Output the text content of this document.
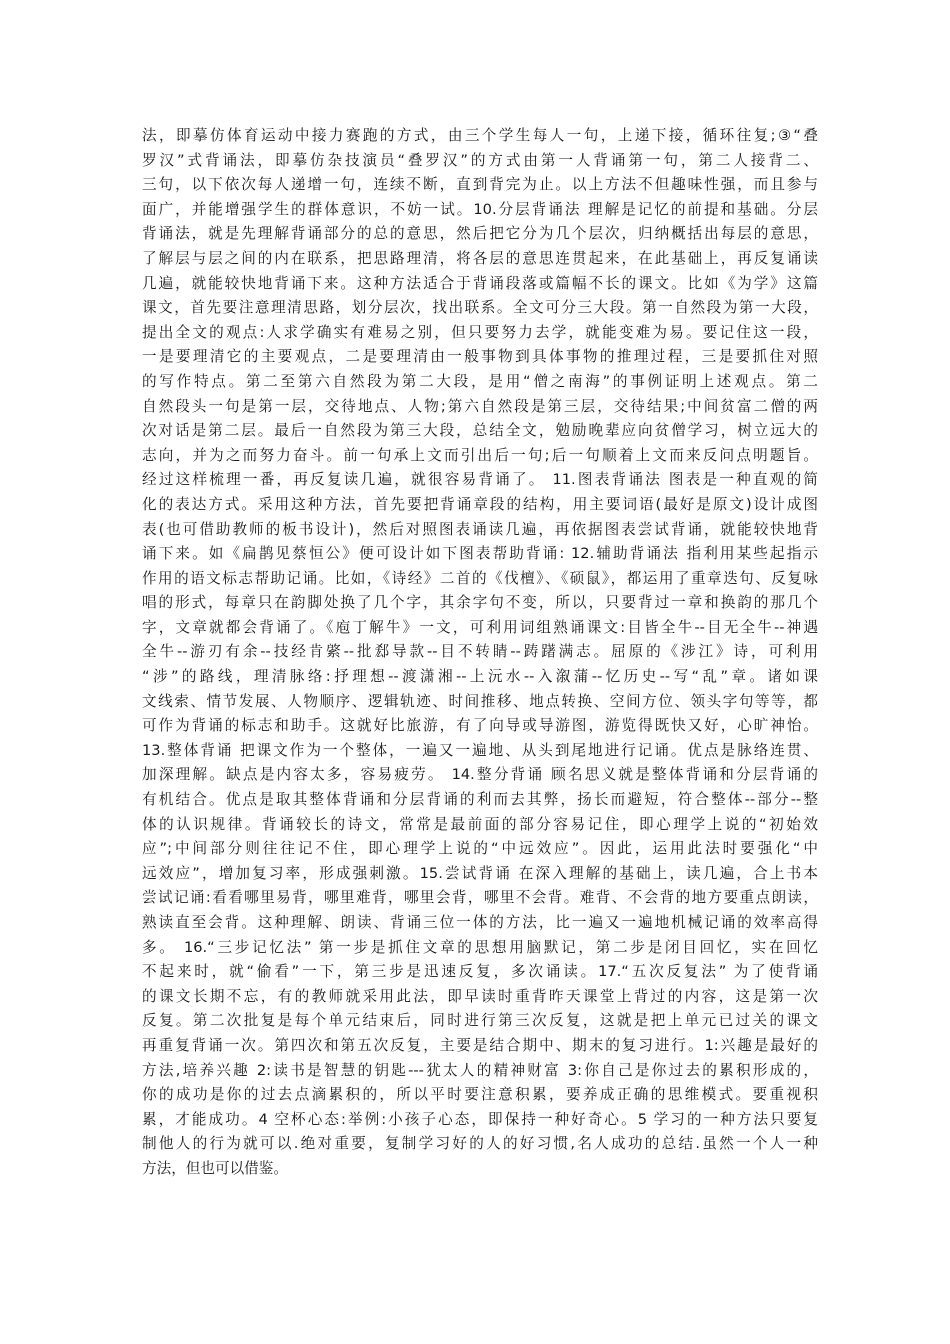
法，即摹仿体育运动中接力赛跑的方式，由三个学生每人一句，上递下接，循环往复;③“叠
罗汉”式背诵法，即摹仿杂技演员“叠罗汉”的方式由第一人背诵第一句，第二人接背二、
三句，以下依次每人递增一句，连续不断，直到背完为止。以上方法不但趣味性强，而且参与
面广，并能增强学生的群体意识，不妨一试。10.分层背诵法 理解是记忆的前提和基础。分层
背诵法，就是先理解背诵部分的总的意思，然后把它分为几个层次，归纳概括出每层的意思，
了解层与层之间的内在联系，把思路理清，将各层的意思连贯起来，在此基础上，再反复诵读
几遍，就能较快地背诵下来。这种方法适合于背诵段落或篇幅不长的课文。比如《为学》这篇
课文，首先要注意理清思路，划分层次，找出联系。全文可分三大段。第一自然段为第一大段，
提出全文的观点:人求学确实有难易之别，但只要努力去学，就能变难为易。要记住这一段，
一是要理清它的主要观点，二是要理清由一般事物到具体事物的推理过程，三是要抓住对照
的写作特点。第二至第六自然段为第二大段，是用“僧之南海”的事例证明上述观点。第二
自然段头一句是第一层，交待地点、人物;第六自然段是第三层，交待结果;中间贫富二僧的两
次对话是第二层。最后一自然段为第三大段，总结全文，勉励晚辈应向贫僧学习，树立远大的
志向，并为之而努力奋斗。前一句承上文而引出后一句;后一句顺着上文而来反问点明题旨。
经过这样梳理一番，再反复读几遍，就很容易背诵了。 11.图表背诵法 图表是一种直观的简
化的表达方式。采用这种方法，首先要把背诵章段的结构，用主要词语(最好是原文)设计成图
表(也可借助教师的板书设计)，然后对照图表诵读几遍，再依据图表尝试背诵，就能较快地背
诵下来。如《扁鹊见蔡恒公》便可设计如下图表帮助背诵: 12.辅助背诵法 指利用某些起指示
作用的语文标志帮助记诵。比如，《诗经》二首的《伐檀》、《硕鼠》，都运用了重章迭句、反复咏
唱的形式，每章只在韵脚处换了几个字，其余字句不变，所以，只要背过一章和换韵的那几个
字，文章就都会背诵了。《庖丁解牛》一文，可利用词组熟诵课文:目皆全牛--目无全牛--神遇
全牛--游刃有余--技经肯綮--批郄导款--目不转睛--踌躇满志。屈原的《涉江》诗，可利用
“涉”的路线，理清脉络:抒理想--渡潇湘--上沅水--入溆蒲--忆历史--写“乱”章。诸如课
文线索、情节发展、人物顺序、逻辑轨迹、时间推移、地点转换、空间方位、领头字句等等，都
可作为背诵的标志和助手。这就好比旅游，有了向导或导游图，游览得既快又好，心旷神怡。
13.整体背诵 把课文作为一个整体，一遍又一遍地、从头到尾地进行记诵。优点是脉络连贯、
加深理解。缺点是内容太多，容易疲劳。 14.整分背诵 顾名思义就是整体背诵和分层背诵的
有机结合。优点是取其整体背诵和分层背诵的利而去其弊，扬长而避短，符合整体--部分--整
体的认识规律。背诵较长的诗文，常常是最前面的部分容易记住，即心理学上说的“初始效
应”;中间部分则往往记不住，即心理学上说的“中远效应”。因此，运用此法时要强化“中
远效应”，增加复习率，形成强刺激。15.尝试背诵 在深入理解的基础上，读几遍，合上书本
尝试记诵:看看哪里易背，哪里难背，哪里会背，哪里不会背。难背、不会背的地方要重点朗读，
熟读直至会背。这种理解、朗读、背诵三位一体的方法，比一遍又一遍地机械记诵的效率高得
多。 16.“三步记忆法” 第一步是抓住文章的思想用脑默记，第二步是闭目回忆，实在回忆
不起来时，就“偷看”一下，第三步是迅速反复，多次诵读。17.“五次反复法” 为了使背诵
的课文长期不忘，有的教师就采用此法，即早读时重背昨天课堂上背过的内容，这是第一次
反复。第二次批复是每个单元结束后，同时进行第三次反复，这就是把上单元已过关的课文
再重复背诵一次。第四次和第五次反复，主要是结合期中、期末的复习进行。1:兴趣是最好的
方法,培养兴趣 2:读书是智慧的钥匙---犹太人的精神财富 3:你自己是你过去的累积形成的，
你的成功是你的过去点滴累积的，所以平时要注意积累，要养成正确的思维模式。要重视积
累，才能成功。4 空杯心态:举例:小孩子心态，即保持一种好奇心。5 学习的一种方法只要复
制他人的行为就可以.绝对重要，复制学习好的人的好习惯,名人成功的总结.虽然一个人一种
方法，但也可以借鉴。
